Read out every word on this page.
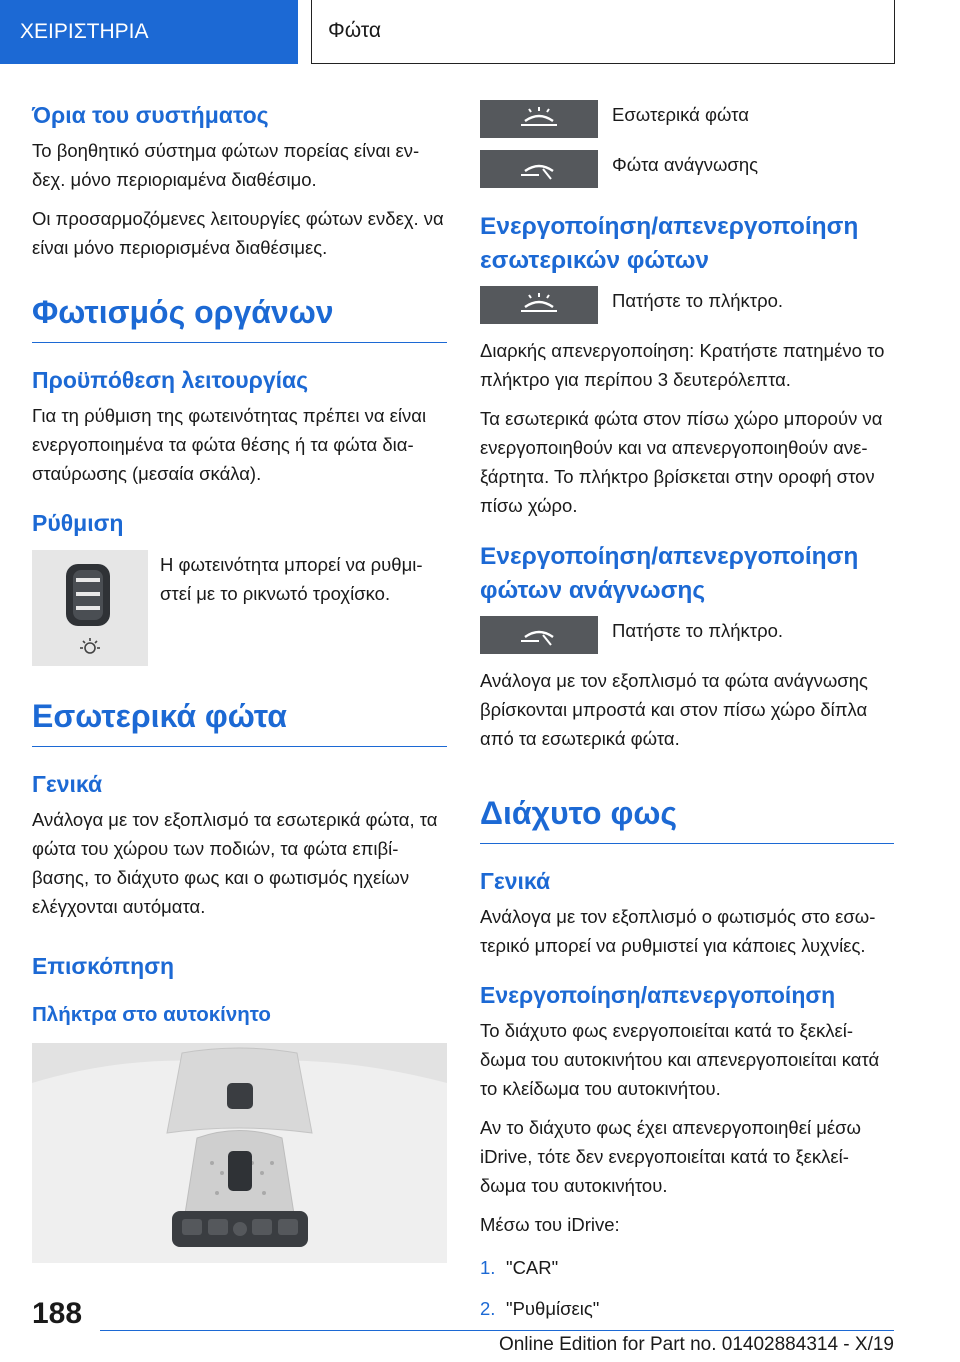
ΧΕΙΡΙΣΤΗΡΙΑ	Φώτα
Όρια του συστήματος

Το βοηθητικό σύστημα φώτων πορείας είναι εν-δεχ. μόνο περιοριαμένα διαθέσιμο.

Οι προσαρμοζόμενες λειτουργίες φώτων ενδεχ. να είναι μόνο περιορισμένα διαθέσιμες.

Φωτισμός οργάνων
Προϋπόθεση λειτουργίας

Για τη ρύθμιση της φωτεινότητας πρέπει να είναι ενεργοποιημένα τα φώτα θέσης ή τα φώτα δια-σταύρωσης (μεσαία σκάλα).

Ρύθμιση

Η φωτεινότητα μπορεί να ρυθμι-στεί με το ρικνωτό τροχίσκο.

Εσωτερικά φώτα
Γενικά

Ανάλογα με τον εξοπλισμό τα εσωτερικά φώτα, τα φώτα του χώρου των ποδιών, τα φώτα επιβί-βασης, το διάχυτο φως και ο φωτισμός ηχείων ελέγχονται αυτόματα.

Επισκόπηση
Πλήκτρα στο αυτοκίνητο

Εσωτερικά φώτα

Φώτα ανάγνωσης

Ενεργοποίηση/απενεργοποίηση εσωτερικών φώτων

Πατήστε το πλήκτρο.

Διαρκής απενεργοποίηση: Κρατήστε πατημένο το πλήκτρο για περίπου 3 δευτερόλεπτα.

Τα εσωτερικά φώτα στον πίσω χώρο μπορούν να ενεργοποιηθούν και να απενεργοποιηθούν ανε-ξάρτητα. Το πλήκτρο βρίσκεται στην οροφή στον πίσω χώρο.

Ενεργοποίηση/απενεργοποίηση φώτων ανάγνωσης

Πατήστε το πλήκτρο.

Ανάλογα με τον εξοπλισμό τα φώτα ανάγνωσης βρίσκονται μπροστά και στον πίσω χώρο δίπλα από τα εσωτερικά φώτα.

Διάχυτο φως
Γενικά

Ανάλογα με τον εξοπλισμό ο φωτισμός στο εσω-τερικό μπορεί να ρυθμιστεί για κάποιες λυχνίες.

Ενεργοποίηση/απενεργοποίηση

Το διάχυτο φως ενεργοποιείται κατά το ξεκλεί-δωμα του αυτοκινήτου και απενεργοποιείται κατά το κλείδωμα του αυτοκινήτου.

Αν το διάχυτο φως έχει απενεργοποιηθεί μέσω iDrive, τότε δεν ενεργοποιείται κατά το ξεκλεί-δωμα του αυτοκινήτου.

Μέσω του iDrive:

1. "CAR"
2. "Ρυθμίσεις"
188
Online Edition for Part no. 01402884314 - X/19
